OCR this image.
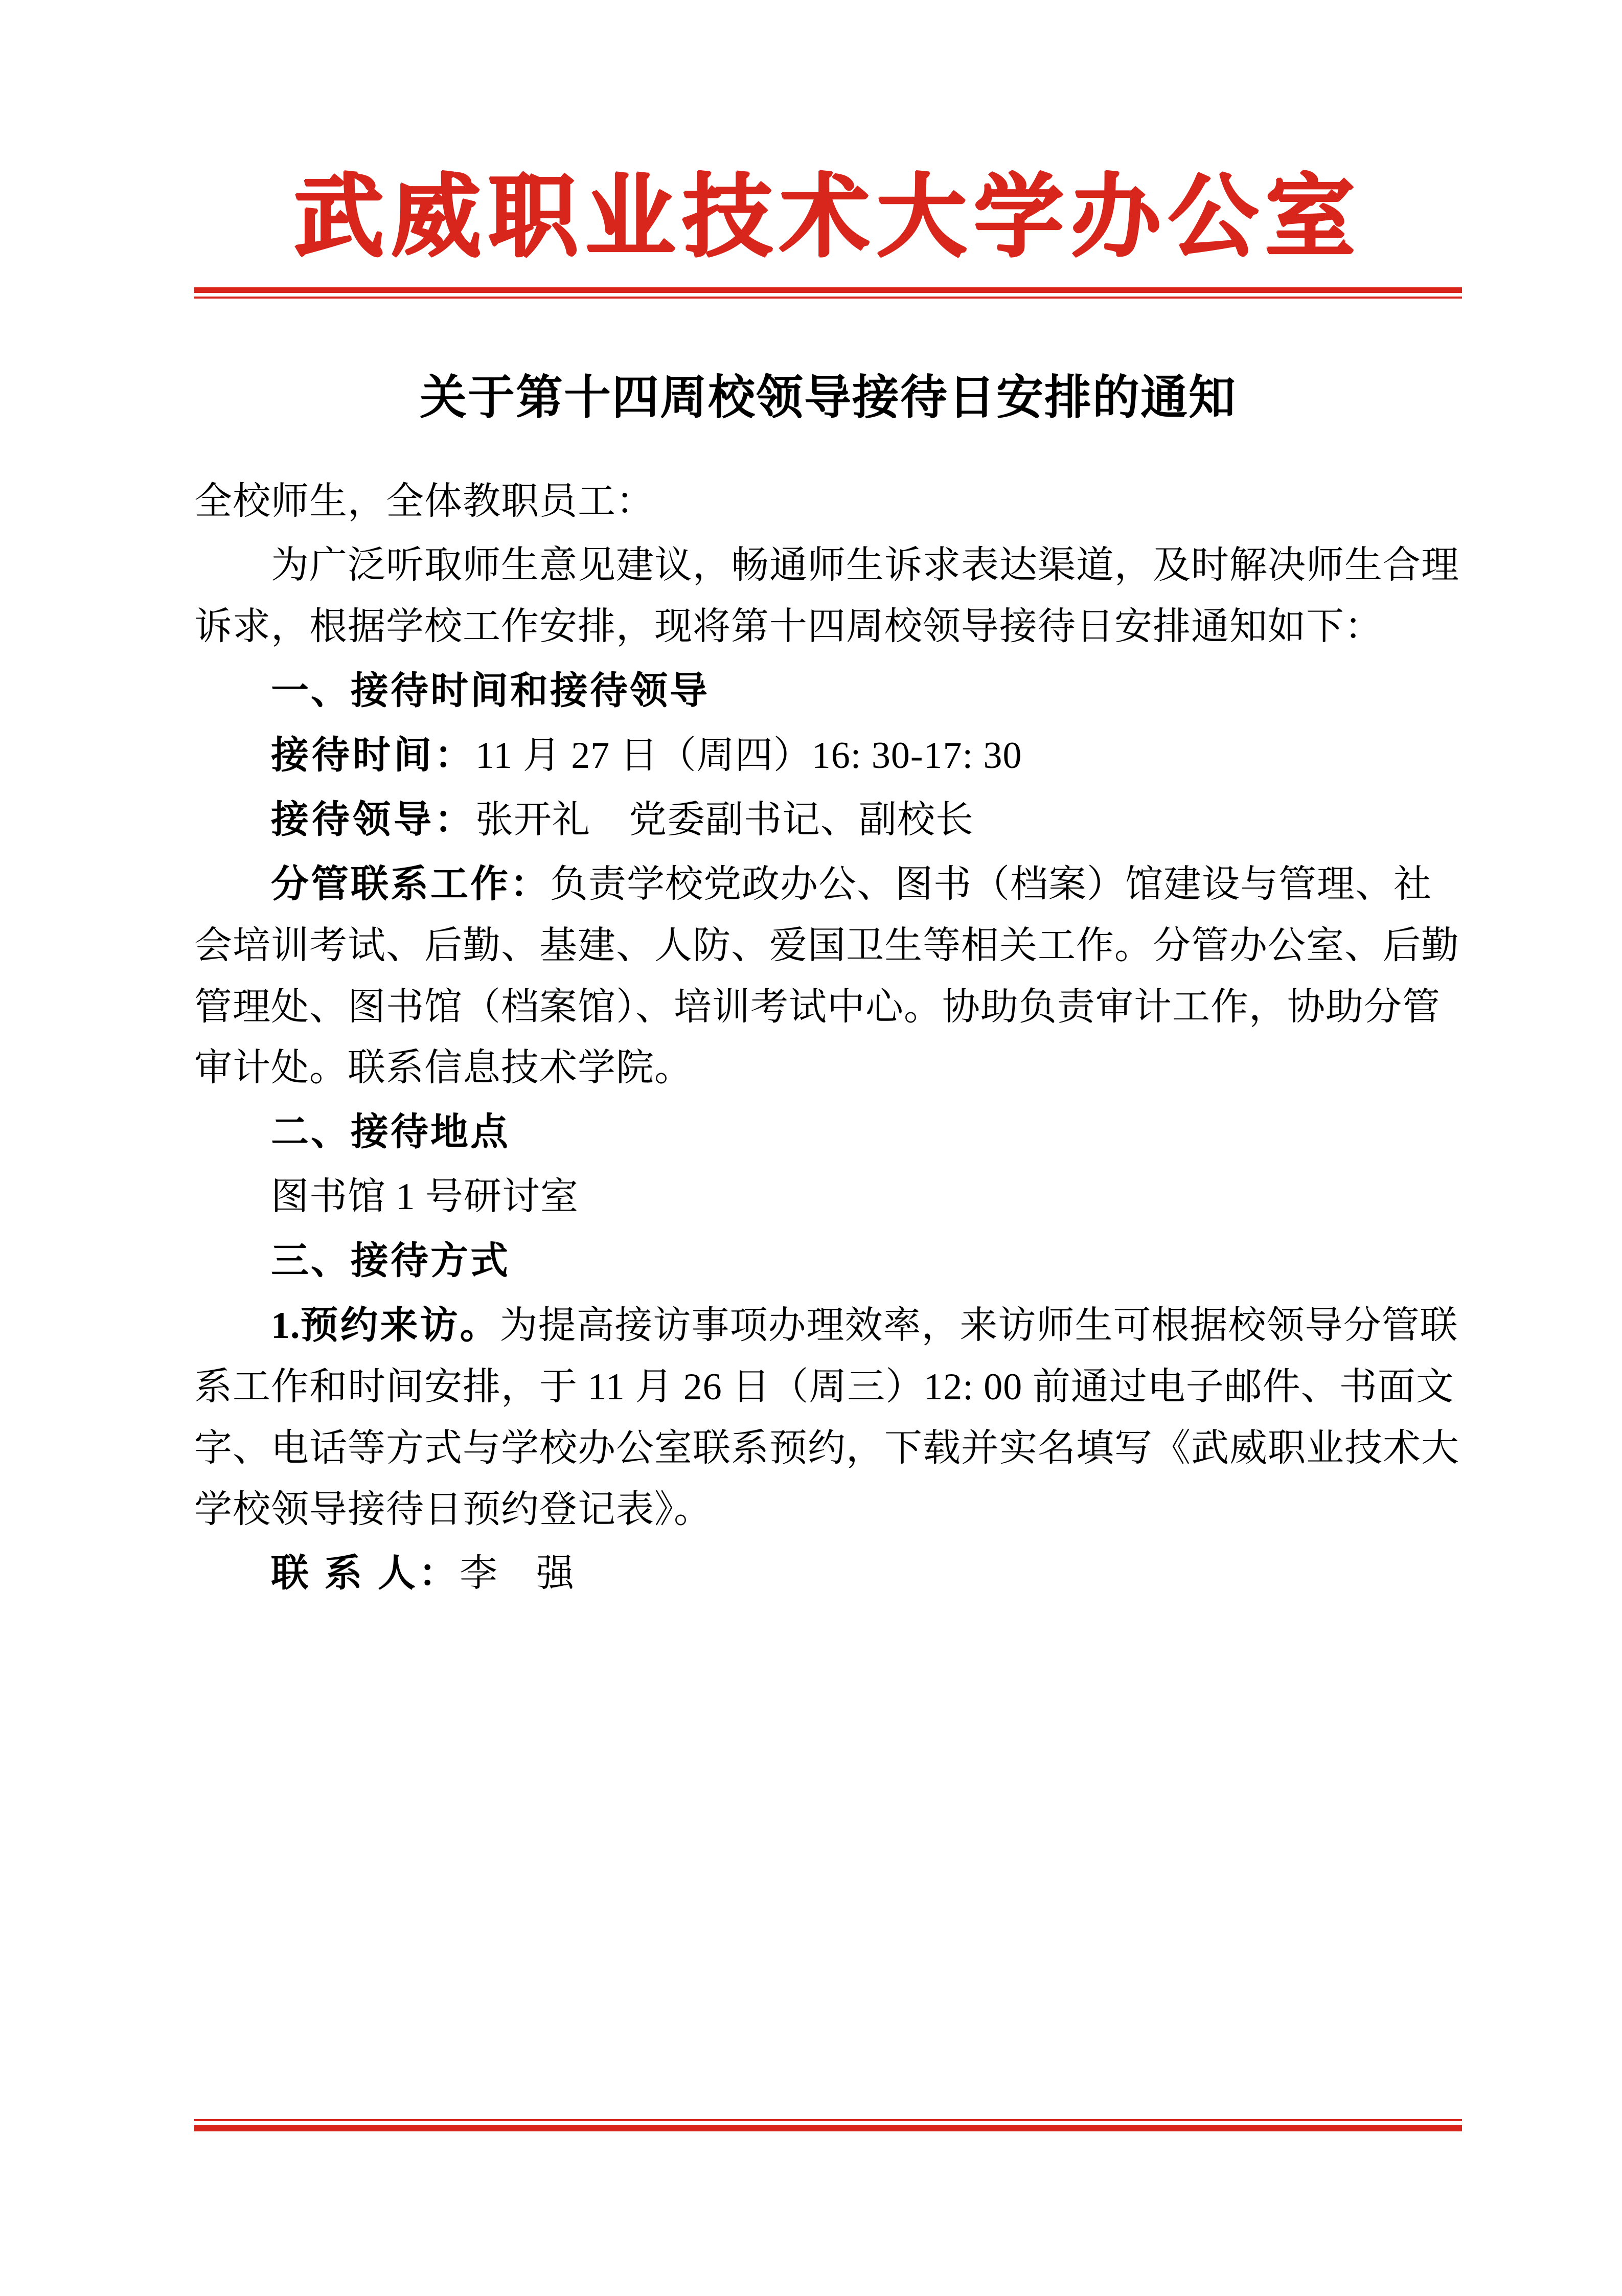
武威职业技术大学办公室
关于第十四周校领导接待日安排的通知

全校师生，全体教职员工：

为广泛听取师生意见建议，畅通师生诉求表达渠道，及时解决师生合理诉求，根据学校工作安排，现将第十四周校领导接待日安排通知如下：

一、接待时间和接待领导

接待时间：11 月 27 日（周四）16: 30-17: 30

接待领导：张开礼　党委副书记、副校长

分管联系工作：负责学校党政办公、图书（档案）馆建设与管理、社会培训考试、后勤、基建、人防、爱国卫生等相关工作。分管办公室、后勤管理处、图书馆（档案馆）、培训考试中心。协助负责审计工作，协助分管审计处。联系信息技术学院。

二、接待地点

图书馆 1 号研讨室

三、接待方式

1.预约来访。为提高接访事项办理效率，来访师生可根据校领导分管联系工作和时间安排，于 11 月 26 日（周三）12: 00 前通过电子邮件、书面文字、电话等方式与学校办公室联系预约，下载并实名填写《武威职业技术大学校领导接待日预约登记表》。

联 系 人：李　强
